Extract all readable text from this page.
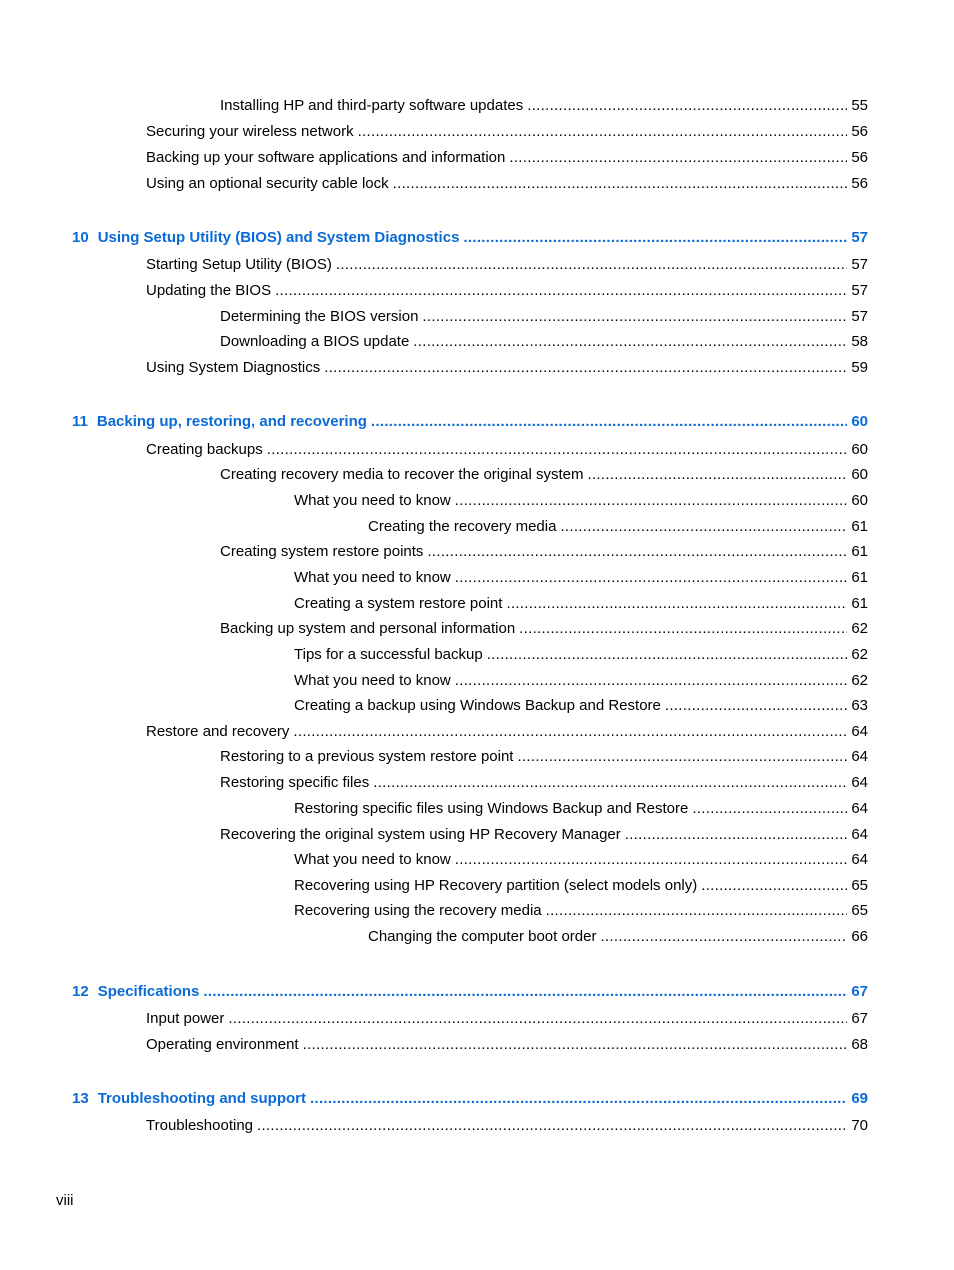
Installing HP and third-party software updates .....	55
Securing your wireless network .....	56
Backing up your software applications and information .....	56
Using an optional security cable lock .....	56
10 Using Setup Utility (BIOS) and System Diagnostics .....	57
Starting Setup Utility (BIOS) .....	57
Updating the BIOS .....	57
Determining the BIOS version .....	57
Downloading a BIOS update .....	58
Using System Diagnostics .....	59
11 Backing up, restoring, and recovering .....	60
Creating backups .....	60
Creating recovery media to recover the original system .....	60
What you need to know .....	60
Creating the recovery media .....	61
Creating system restore points .....	61
What you need to know .....	61
Creating a system restore point .....	61
Backing up system and personal information .....	62
Tips for a successful backup .....	62
What you need to know .....	62
Creating a backup using Windows Backup and Restore .....	63
Restore and recovery .....	64
Restoring to a previous system restore point .....	64
Restoring specific files .....	64
Restoring specific files using Windows Backup and Restore .....	64
Recovering the original system using HP Recovery Manager .....	64
What you need to know .....	64
Recovering using HP Recovery partition (select models only) .....	65
Recovering using the recovery media .....	65
Changing the computer boot order .....	66
12 Specifications .....	67
Input power .....	67
Operating environment .....	68
13 Troubleshooting and support .....	69
Troubleshooting .....	70
viii
